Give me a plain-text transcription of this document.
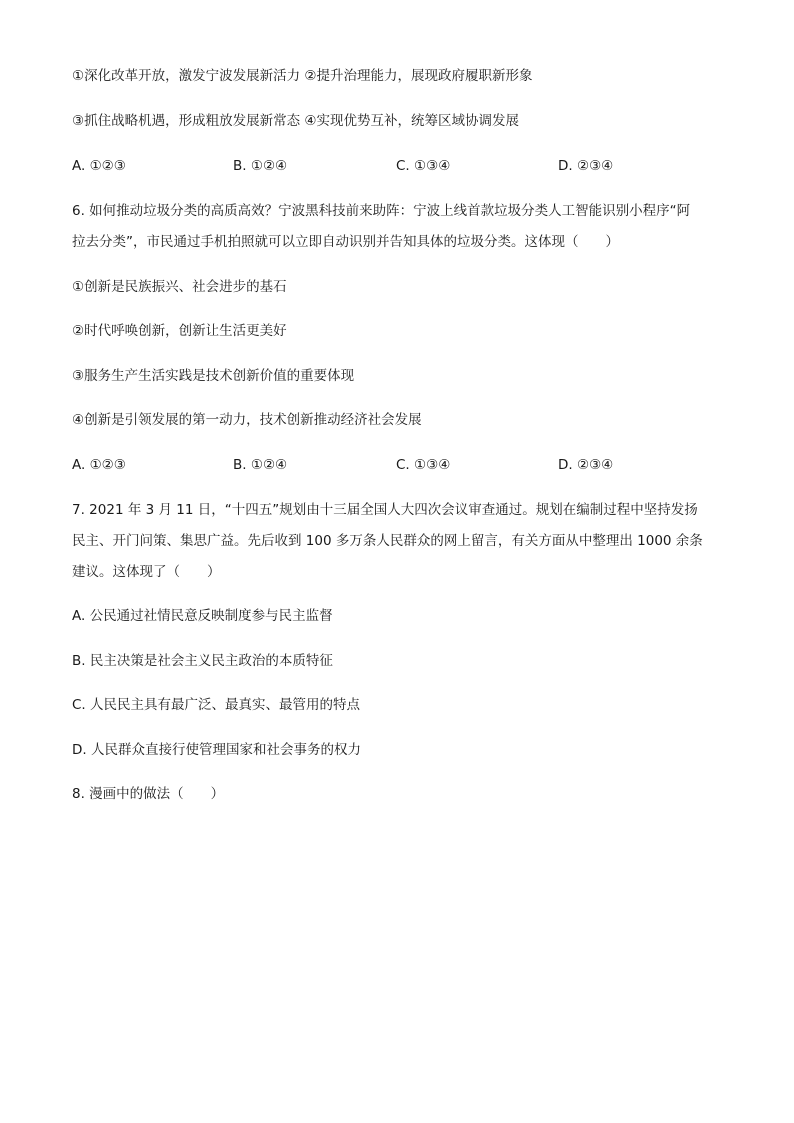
①深化改革开放，激发宁波发展新活力 ②提升治理能力，展现政府履职新形象
③抓住战略机遇，形成粗放发展新常态 ④实现优势互补，统筹区域协调发展
A. ①②③	B. ①②④	C. ①③④	D. ②③④
6. 如何推动垃圾分类的高质高效？宁波黑科技前来助阵：宁波上线首款垃圾分类人工智能识别小程序“阿
拉去分类”，市民通过手机拍照就可以立即自动识别并告知具体的垃圾分类。这体现（　　）
①创新是民族振兴、社会进步的基石
②时代呼唤创新，创新让生活更美好
③服务生产生活实践是技术创新价值的重要体现
④创新是引领发展的第一动力，技术创新推动经济社会发展
A. ①②③	B. ①②④	C. ①③④	D. ②③④
7. 2021 年 3 月 11 日，“十四五”规划由十三届全国人大四次会议审查通过。规划在编制过程中坚持发扬
民主、开门问策、集思广益。先后收到 100 多万条人民群众的网上留言，有关方面从中整理出 1000 余条
建议。这体现了（　　）
A. 公民通过社情民意反映制度参与民主监督
B. 民主决策是社会主义民主政治的本质特征
C. 人民民主具有最广泛、最真实、最管用的特点
D. 人民群众直接行使管理国家和社会事务的权力
8. 漫画中的做法（　　）
